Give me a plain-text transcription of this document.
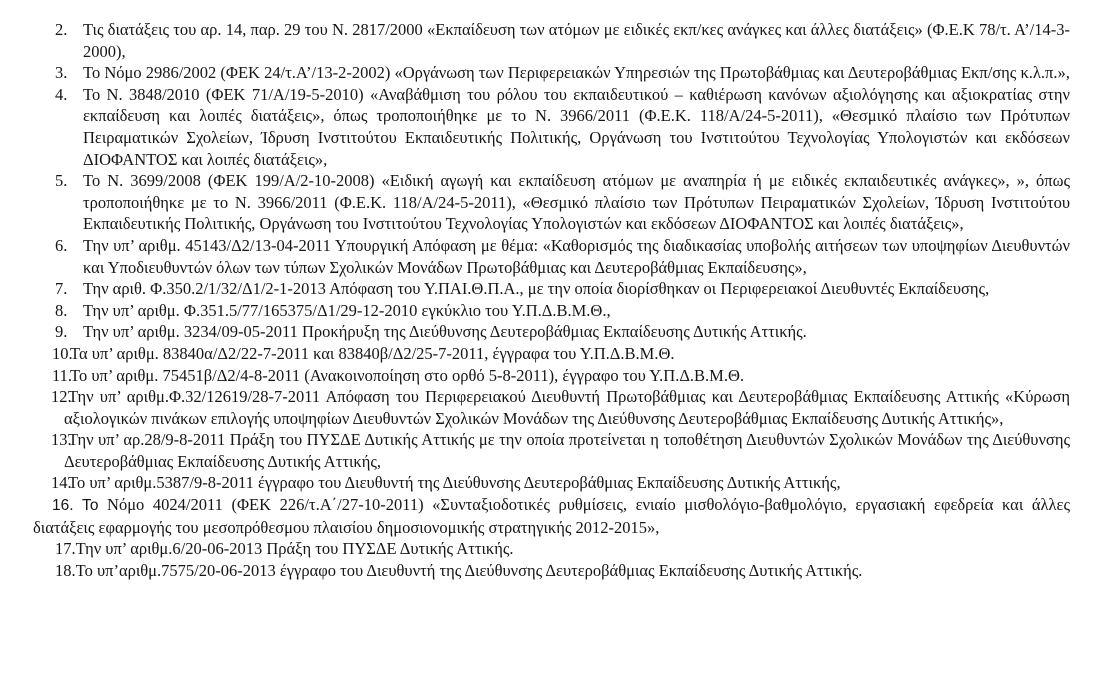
2. Τις διατάξεις του αρ. 14, παρ. 29 του Ν. 2817/2000 «Εκπαίδευση των ατόμων με ειδικές εκπ/κες ανάγκες και άλλες διατάξεις» (Φ.Ε.Κ 78/τ. Α’/14-3-2000),
3. Το Νόμο 2986/2002 (ΦΕΚ 24/τ.Α’/13-2-2002) «Οργάνωση των Περιφερειακών Υπηρεσιών της Πρωτοβάθμιας και Δευτεροβάθμιας Εκπ/σης κ.λ.π.»,
4. Το Ν. 3848/2010 (ΦΕΚ 71/Α/19-5-2010) «Αναβάθμιση του ρόλου του εκπαιδευτικού – καθιέρωση κανόνων αξιολόγησης και αξιοκρατίας στην εκπαίδευση και λοιπές διατάξεις», όπως τροποποιήθηκε με το Ν. 3966/2011 (Φ.Ε.Κ. 118/Α/24-5-2011), «Θεσμικό πλαίσιο των Πρότυπων Πειραματικών Σχολείων, Ίδρυση Ινστιτούτου Εκπαιδευτικής Πολιτικής, Οργάνωση του Ινστιτούτου Τεχνολογίας Υπολογιστών και εκδόσεων ΔΙΟΦΑΝΤΟΣ και λοιπές διατάξεις»,
5. Το Ν. 3699/2008 (ΦΕΚ 199/Α/2-10-2008) «Ειδική αγωγή και εκπαίδευση ατόμων με αναπηρία ή με ειδικές εκπαιδευτικές ανάγκες», », όπως τροποποιήθηκε με το Ν. 3966/2011 (Φ.Ε.Κ. 118/Α/24-5-2011), «Θεσμικό πλαίσιο των Πρότυπων Πειραματικών Σχολείων, Ίδρυση Ινστιτούτου Εκπαιδευτικής Πολιτικής, Οργάνωση του Ινστιτούτου Τεχνολογίας Υπολογιστών και εκδόσεων ΔΙΟΦΑΝΤΟΣ και λοιπές διατάξεις»,
6. Την υπ’ αριθμ. 45143/Δ2/13-04-2011 Υπουργική Απόφαση με θέμα: «Καθορισμός της διαδικασίας υποβολής αιτήσεων των υποψηφίων Διευθυντών και Υποδιευθυντών όλων των τύπων Σχολικών Μονάδων Πρωτοβάθμιας και Δευτεροβάθμιας Εκπαίδευσης»,
7. Την αριθ. Φ.350.2/1/32/Δ1/2-1-2013 Απόφαση του Υ.ΠΑΙ.Θ.Π.Α., με την οποία διορίσθηκαν οι Περιφερειακοί Διευθυντές Εκπαίδευσης,
8. Την υπ’ αριθμ. Φ.351.5/77/165375/Δ1/29-12-2010 εγκύκλιο του Υ.Π.Δ.Β.Μ.Θ.,
9. Την υπ’ αριθμ. 3234/09-05-2011 Προκήρυξη της Διεύθυνσης Δευτεροβάθμιας Εκπαίδευσης Δυτικής Αττικής.
10.
Τα υπ’ αριθμ. 83840α/Δ2/22-7-2011 και 83840β/Δ2/25-7-2011, έγγραφα του Υ.Π.Δ.Β.Μ.Θ.
11.
Το υπ’ αριθμ. 75451β/Δ2/4-8-2011 (Ανακοινοποίηση στο ορθό 5-8-2011), έγγραφο του Υ.Π.Δ.Β.Μ.Θ.
12.
Την υπ’ αριθμ.Φ.32/12619/28-7-2011 Απόφαση του Περιφερειακού Διευθυντή Πρωτοβάθμιας και Δευτεροβάθμιας Εκπαίδευσης Αττικής «Κύρωση αξιολογικών πινάκων επιλογής υποψηφίων Διευθυντών Σχολικών Μονάδων της Διεύθυνσης Δευτεροβάθμιας Εκπαίδευσης Δυτικής Αττικής»,
13.
Την υπ’ αρ.28/9-8-2011 Πράξη του ΠΥΣΔΕ Δυτικής Αττικής με την οποία προτείνεται η τοποθέτηση Διευθυντών Σχολικών Μονάδων της Διεύθυνσης Δευτεροβάθμιας Εκπαίδευσης Δυτικής Αττικής,
14.
Το υπ’ αριθμ.5387/9-8-2011 έγγραφο του Διευθυντή της Διεύθυνσης Δευτεροβάθμιας Εκπαίδευσης Δυτικής Αττικής,
16. Το Νόμο 4024/2011 (ΦΕΚ 226/τ.Α΄/27-10-2011) «Συνταξιοδοτικές ρυθμίσεις, ενιαίο μισθολόγιο-βαθμολόγιο, εργασιακή εφεδρεία και άλλες διατάξεις εφαρμογής του μεσοπρόθεσμου πλαισίου δημοσιονομικής στρατηγικής 2012-2015»,
17.Την υπ’ αριθμ.6/20-06-2013 Πράξη του ΠΥΣΔΕ Δυτικής Αττικής.
18.Το υπ’αριθμ.7575/20-06-2013 έγγραφο του Διευθυντή της Διεύθυνσης Δευτεροβάθμιας Εκπαίδευσης Δυτικής Αττικής.
